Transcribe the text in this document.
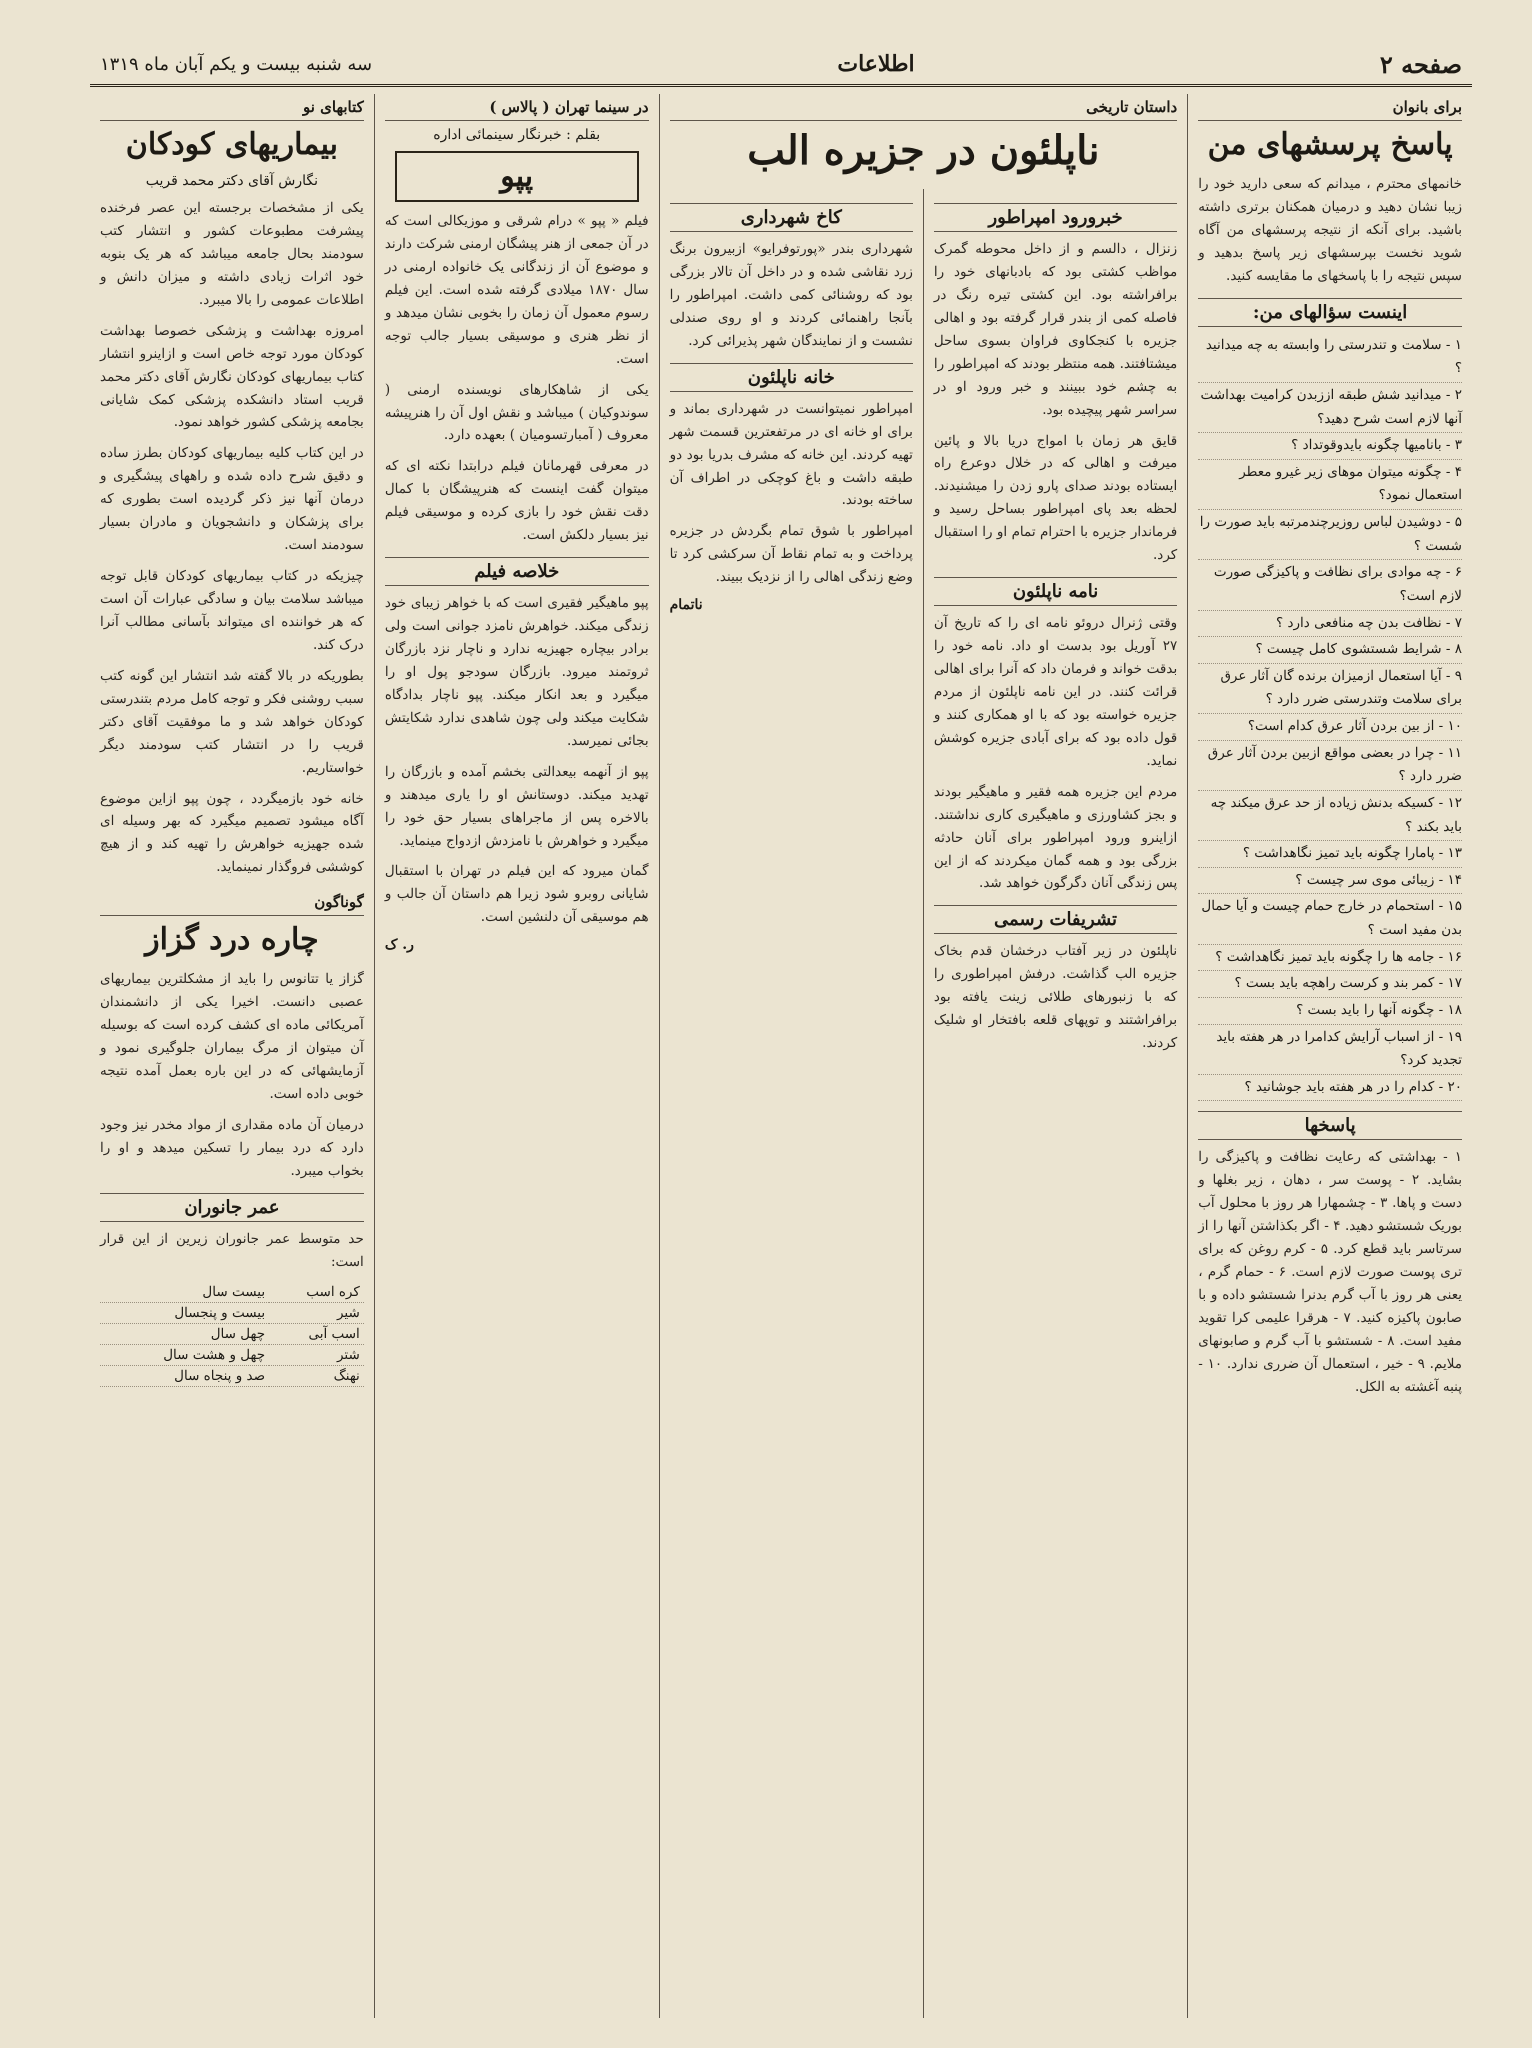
صفحه ۲
اطلاعات
سه شنبه بیست و یکم آبان ماه ۱۳۱۹
برای بانوان
پاسخ پرسشهای من

خانمهای محترم ، میدانم که سعی دارید خود را زیبا نشان دهید و درمیان همکنان برتری داشته باشید. برای آنکه از نتیجه پرسشهای من آگاه شوید نخست بپرسشهای زیر پاسخ بدهید و سپس نتیجه را با پاسخهای ما مقایسه کنید.

اینست سؤالهای من:
۱ - سلامت و تندرستی را وابسته به چه میدانید ؟
۲ - میدانید شش طبقه اززبدن کرامیت بهداشت آنها لازم است شرح دهید؟
۳ - بانامیها چگونه بایدوقوتداد ؟
۴ - چگونه میتوان موهای زیر غیرو معطر استعمال نمود؟
۵ - دوشیدن لباس روزیرچندمرتبه باید صورت را شست ؟
۶ - چه موادی برای نظافت و پاکیزگی صورت لازم است؟
۷ - نظافت بدن چه منافعی دارد ؟
۸ - شرایط شستشوی کامل چیست ؟
۹ - آیا استعمال ازمیزان برنده گان آثار عرق برای سلامت وتندرستی ضرر دارد ؟
۱۰ - از بین بردن آثار عرق کدام است؟
۱۱ - چرا در بعضی مواقع ازبین بردن آثار عرق ضرر دارد ؟
۱۲ - کسیکه بدنش زیاده از حد عرق میکند چه باید بکند ؟
۱۳ - پامارا چگونه باید تمیز نگاهداشت ؟
۱۴ - زیبائی موی سر چیست ؟
۱۵ - استحمام در خارج حمام چیست و آیا حمال بدن مفید است ؟
۱۶ - جامه ها را چگونه باید تمیز نگاهداشت ؟
۱۷ - کمر بند و کرست راهچه باید بست ؟
۱۸ - چگونه آنها را باید بست ؟
۱۹ - از اسباب آرایش کدامرا در هر هفته باید تجدید کرد؟
۲۰ - کدام را در هر هفته باید جوشانید ؟
پاسخها

۱ - بهداشتی که رعایت نظافت و پاکیزگی را بشاید. ۲ - پوست سر ، دهان ، زیر بغلها و دست و پاها. ۳ - چشمهارا هر روز با محلول آب بوریک شستشو دهید. ۴ - اگر بکذاشتن آنها را از سرتاسر باید قطع کرد. ۵ - کرم روغن که برای تری پوست صورت لازم است. ۶ - حمام گرم ، یعنی هر روز با آب گرم بدنرا شستشو داده و با صابون پاکیزه کنید. ۷ - هرقرا علیمی کرا تقوید مفید است. ۸ - شستشو با آب گرم و صابونهای ملایم. ۹ - خیر ، استعمال آن ضرری ندارد. ۱۰ - پنبه آغشته به الکل.

داستان تاریخی
ناپلئون در جزیره الب
خبرورود امپراطور

زنزال ، دالسم و از داخل محوطه گمرک مواظب کشتی بود که بادبانهای خود را برافراشته بود. این کشتی تیره رنگ در فاصله کمی از بندر قرار گرفته بود و اهالی جزیره با کنجکاوی فراوان بسوی ساحل میشتافتند. همه منتظر بودند که امپراطور را به چشم خود ببینند و خبر ورود او در سراسر شهر پیچیده بود.

قایق هر زمان با امواج دریا بالا و پائین میرفت و اهالی که در خلال دوعرع راه ایستاده بودند صدای پارو زدن را میشنیدند. لحظه بعد پای امپراطور بساحل رسید و فرماندار جزیره با احترام تمام او را استقبال کرد.

نامه ناپلئون

وقتی ژنرال دروئو نامه ای را که تاریخ آن ۲۷ آوریل بود بدست او داد. نامه خود را بدقت خواند و فرمان داد که آنرا برای اهالی قرائت کنند. در این نامه ناپلئون از مردم جزیره خواسته بود که با او همکاری کنند و قول داده بود که برای آبادی جزیره کوشش نماید.

مردم این جزیره همه فقیر و ماهیگیر بودند و بجز کشاورزی و ماهیگیری کاری نداشتند. ازاینرو ورود امپراطور برای آنان حادثه بزرگی بود و همه گمان میکردند که از این پس زندگی آنان دگرگون خواهد شد.

تشریفات رسمی

ناپلئون در زیر آفتاب درخشان قدم بخاک جزیره الب گذاشت. درفش امپراطوری را که با زنبورهای طلائی زینت یافته بود برافراشتند و توپهای قلعه بافتخار او شلیک کردند.

کاخ شهرداری

شهرداری بندر «پورتوفرایو» ازبیرون برنگ زرد نقاشی شده و در داخل آن تالار بزرگی بود که روشنائی کمی داشت. امپراطور را بآنجا راهنمائی کردند و او روی صندلی نشست و از نمایندگان شهر پذیرائی کرد.

خانه ناپلئون

امپراطور نمیتوانست در شهرداری بماند و برای او خانه ای در مرتفعترین قسمت شهر تهیه کردند. این خانه که مشرف بدریا بود دو طبقه داشت و باغ کوچکی در اطراف آن ساخته بودند.

امپراطور با شوق تمام بگردش در جزیره پرداخت و به تمام نقاط آن سرکشی کرد تا وضع زندگی اهالی را از نزدیک ببیند.

ناتمام
در سینما تهران ( پالاس )
بقلم : خبرنگار سینمائی اداره
پپو

فیلم « پپو » درام شرقی و موزیکالی است که در آن جمعی از هنر پیشگان ارمنی شرکت دارند و موضوع آن از زندگانی یک خانواده ارمنی در سال ۱۸۷۰ میلادی گرفته شده است. این فیلم رسوم معمول آن زمان را بخوبی نشان میدهد و از نظر هنری و موسیقی بسیار جالب توجه است.

یکی از شاهکارهای نویسنده ارمنی ( سوندوکیان ) میباشد و نقش اول آن را هنرپیشه معروف ( آمبارتسومیان ) بعهده دارد.

در معرفی قهرمانان فیلم درابتدا نکته ای که میتوان گفت اینست که هنرپیشگان با کمال دقت نقش خود را بازی کرده و موسیقی فیلم نیز بسیار دلکش است.

خلاصه فیلم

پپو ماهیگیر فقیری است که با خواهر زیبای خود زندگی میکند. خواهرش نامزد جوانی است ولی برادر بیچاره جهیزیه ندارد و ناچار نزد بازرگان ثروتمند میرود. بازرگان سودجو پول او را میگیرد و بعد انکار میکند. پپو ناچار بدادگاه شکایت میکند ولی چون شاهدی ندارد شکایتش بجائی نمیرسد.

پپو از آنهمه بیعدالتی بخشم آمده و بازرگان را تهدید میکند. دوستانش او را یاری میدهند و بالاخره پس از ماجراهای بسیار حق خود را میگیرد و خواهرش با نامزدش ازدواج مینماید.

گمان میرود که این فیلم در تهران با استقبال شایانی روبرو شود زیرا هم داستان آن جالب و هم موسیقی آن دلنشین است.

ر. ک
کتابهای نو
بیماریهای کودکان
نگارش آقای دکتر محمد قریب

یکی از مشخصات برجسته این عصر فرخنده پیشرفت مطبوعات کشور و انتشار کتب سودمند بحال جامعه میباشد که هر یک بنوبه خود اثرات زیادی داشته و میزان دانش و اطلاعات عمومی را بالا میبرد.

امروزه بهداشت و پزشکی خصوصا بهداشت کودکان مورد توجه خاص است و ازاینرو انتشار کتاب بیماریهای کودکان نگارش آقای دکتر محمد قریب استاد دانشکده پزشکی کمک شایانی بجامعه پزشکی کشور خواهد نمود.

در این کتاب کلیه بیماریهای کودکان بطرز ساده و دقیق شرح داده شده و راههای پیشگیری و درمان آنها نیز ذکر گردیده است بطوری که برای پزشکان و دانشجویان و مادران بسیار سودمند است.

چیزیکه در کتاب بیماریهای کودکان قابل توجه میباشد سلامت بیان و سادگی عبارات آن است که هر خواننده ای میتواند بآسانی مطالب آنرا درک کند.

بطوریکه در بالا گفته شد انتشار این گونه کتب سبب روشنی فکر و توجه کامل مردم بتندرستی کودکان خواهد شد و ما موفقیت آقای دکتر قریب را در انتشار کتب سودمند دیگر خواستاریم.

خانه خود بازمیگردد ، چون پپو ازاین موضوع آگاه میشود تصمیم میگیرد که بهر وسیله ای شده جهیزیه خواهرش را تهیه کند و از هیچ کوششی فروگذار نمینماید.

گوناگون
چاره درد گزاز

گزاز یا تتانوس را باید از مشکلترین بیماریهای عصبی دانست. اخیرا یکی از دانشمندان آمریکائی ماده ای کشف کرده است که بوسیله آن میتوان از مرگ بیماران جلوگیری نمود و آزمایشهائی که در این باره بعمل آمده نتیجه خوبی داده است.

درمیان آن ماده مقداری از مواد مخدر نیز وجود دارد که درد بیمار را تسکین میدهد و او را بخواب میبرد.

عمر جانوران

حد متوسط عمر جانوران زیرین از این قرار است:

کره اسب	بیست سال
شیر	بیست و پنجسال
اسب آبی	چهل سال
شتر	چهل و هشت سال
نهنگ	صد و پنجاه سال
